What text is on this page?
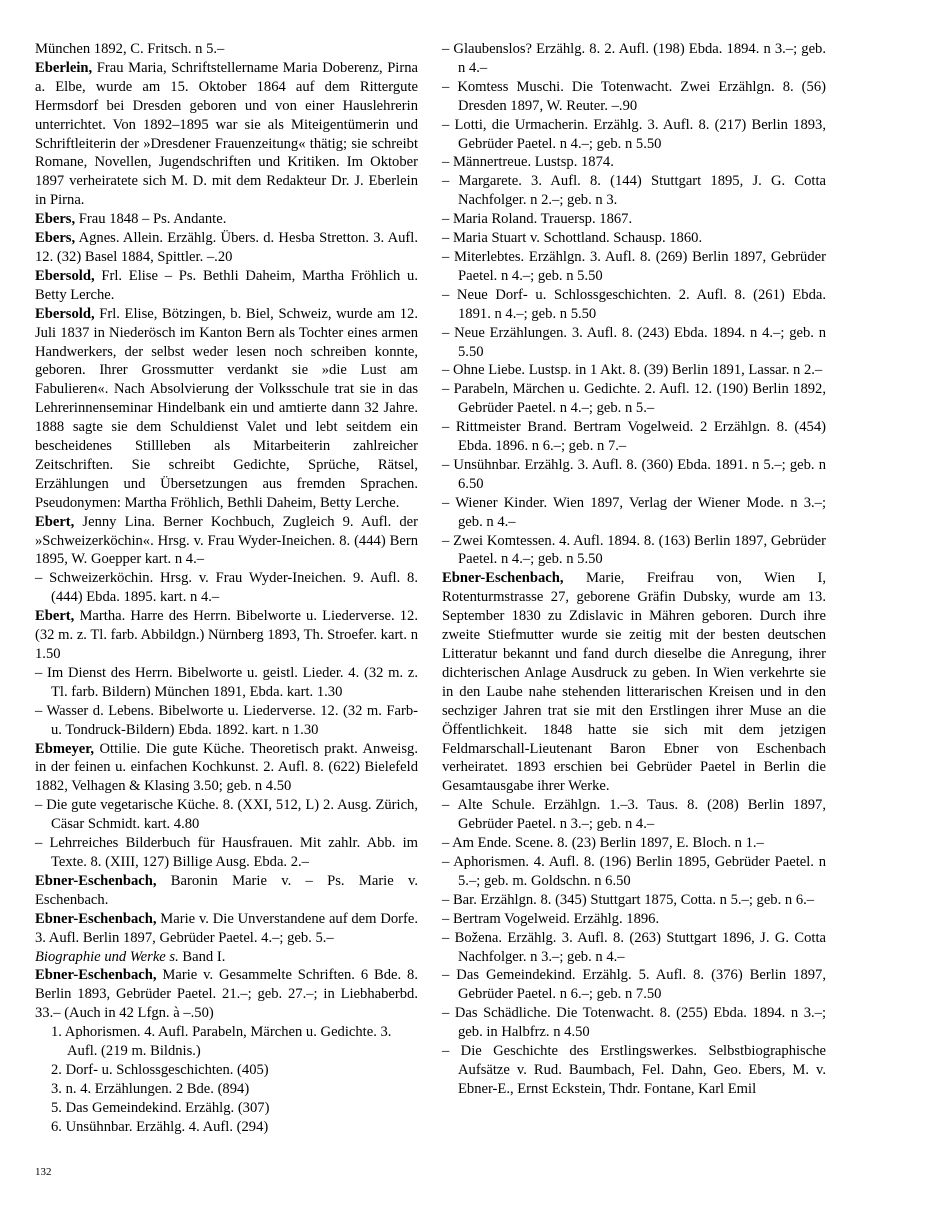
München 1892, C. Fritsch. n 5.–
Eberlein, Frau Maria, Schriftstellername Maria Doberenz, Pirna a. Elbe, wurde am 15. Oktober 1864 auf dem Rittergute Hermsdorf bei Dresden geboren und von einer Hauslehrerin unterrichtet. Von 1892–1895 war sie als Miteigentümerin und Schriftleiterin der »Dresdener Frauenzeitung« thätig; sie schreibt Romane, Novellen, Jugendschriften und Kritiken. Im Oktober 1897 verheiratete sich M. D. mit dem Redakteur Dr. J. Eberlein in Pirna.
Ebers, Frau 1848 – Ps. Andante.
Ebers, Agnes. Allein. Erzählg. Übers. d. Hesba Stretton. 3. Aufl. 12. (32) Basel 1884, Spittler. –.20
Ebersold, Frl. Elise – Ps. Bethli Daheim, Martha Fröhlich u. Betty Lerche.
Ebersold, Frl. Elise, Bötzingen, b. Biel, Schweiz, wurde am 12. Juli 1837 in Niederösch im Kanton Bern als Tochter eines armen Handwerkers, der selbst weder lesen noch schreiben konnte, geboren. Ihrer Grossmutter verdankt sie »die Lust am Fabulieren«. Nach Absolvierung der Volksschule trat sie in das Lehrerinnenseminar Hindelbank ein und amtierte dann 32 Jahre. 1888 sagte sie dem Schuldienst Valet und lebt seitdem ein bescheidenes Stillleben als Mitarbeiterin zahlreicher Zeitschriften. Sie schreibt Gedichte, Sprüche, Rätsel, Erzählungen und Übersetzungen aus fremden Sprachen. Pseudonymen: Martha Fröhlich, Bethli Daheim, Betty Lerche.
Ebert, Jenny Lina. Berner Kochbuch, Zugleich 9. Aufl. der »Schweizerköchin«. Hrsg. v. Frau Wyder-Ineichen. 8. (444) Bern 1895, W. Goepper kart. n 4.–
– Schweizerköchin. Hrsg. v. Frau Wyder-Ineichen. 9. Aufl. 8. (444) Ebda. 1895. kart. n 4.–
Ebert, Martha. Harre des Herrn. Bibelworte u. Liederverse. 12. (32 m. z. Tl. farb. Abbildgn.) Nürnberg 1893, Th. Stroefer. kart. n 1.50
– Im Dienst des Herrn. Bibelworte u. geistl. Lieder. 4. (32 m. z. Tl. farb. Bildern) München 1891, Ebda. kart. 1.30
– Wasser d. Lebens. Bibelworte u. Liederverse. 12. (32 m. Farb- u. Tondruck-Bildern) Ebda. 1892. kart. n 1.30
Ebmeyer, Ottilie. Die gute Küche. Theoretisch prakt. Anweisg. in der feinen u. einfachen Kochkunst. 2. Aufl. 8. (622) Bielefeld 1882, Velhagen & Klasing 3.50; geb. n 4.50
– Die gute vegetarische Küche. 8. (XXI, 512, L) 2. Ausg. Zürich, Cäsar Schmidt. kart. 4.80
– Lehrreiches Bilderbuch für Hausfrauen. Mit zahlr. Abb. im Texte. 8. (XIII, 127) Billige Ausg. Ebda. 2.–
Ebner-Eschenbach, Baronin Marie v. – Ps. Marie v. Eschenbach.
Ebner-Eschenbach, Marie v. Die Unverstandene auf dem Dorfe. 3. Aufl. Berlin 1897, Gebrüder Paetel. 4.–; geb. 5.–
Biographie und Werke s. Band I.
Ebner-Eschenbach, Marie v. Gesammelte Schriften. 6 Bde. 8. Berlin 1893, Gebrüder Paetel. 21.–; geb. 27.–; in Liebhaberbd. 33.– (Auch in 42 Lfgn. à –.50)
1. Aphorismen. 4. Aufl. Parabeln, Märchen u. Gedichte. 3. Aufl. (219 m. Bildnis.)
2. Dorf- u. Schlossgeschichten. (405)
3. n. 4. Erzählungen. 2 Bde. (894)
5. Das Gemeindekind. Erzählg. (307)
6. Unsühnbar. Erzählg. 4. Aufl. (294)
– Glaubenslos? Erzählg. 8. 2. Aufl. (198) Ebda. 1894. n 3.–; geb. n 4.–
– Komtess Muschi. Die Totenwacht. Zwei Erzählgn. 8. (56) Dresden 1897, W. Reuter. –.90
– Lotti, die Urmacherin. Erzählg. 3. Aufl. 8. (217) Berlin 1893, Gebrüder Paetel. n 4.–; geb. n 5.50
– Männertreue. Lustsp. 1874.
– Margarete. 3. Aufl. 8. (144) Stuttgart 1895, J. G. Cotta Nachfolger. n 2.–; geb. n 3.
– Maria Roland. Trauersp. 1867.
– Maria Stuart v. Schottland. Schausp. 1860.
– Miterlebtes. Erzählgn. 3. Aufl. 8. (269) Berlin 1897, Gebrüder Paetel. n 4.–; geb. n 5.50
– Neue Dorf- u. Schlossgeschichten. 2. Aufl. 8. (261) Ebda. 1891. n 4.–; geb. n 5.50
– Neue Erzählungen. 3. Aufl. 8. (243) Ebda. 1894. n 4.–; geb. n 5.50
– Ohne Liebe. Lustsp. in 1 Akt. 8. (39) Berlin 1891, Lassar. n 2.–
– Parabeln, Märchen u. Gedichte. 2. Aufl. 12. (190) Berlin 1892, Gebrüder Paetel. n 4.–; geb. n 5.–
– Rittmeister Brand. Bertram Vogelweid. 2 Erzählgn. 8. (454) Ebda. 1896. n 6.–; geb. n 7.–
– Unsühnbar. Erzählg. 3. Aufl. 8. (360) Ebda. 1891. n 5.–; geb. n 6.50
– Wiener Kinder. Wien 1897, Verlag der Wiener Mode. n 3.–; geb. n 4.–
– Zwei Komtessen. 4. Aufl. 1894. 8. (163) Berlin 1897, Gebrüder Paetel. n 4.–; geb. n 5.50
Ebner-Eschenbach, Marie, Freifrau von, Wien I, Rotenturmstrasse 27, geborene Gräfin Dubsky, wurde am 13. September 1830 zu Zdislavic in Mähren geboren. Durch ihre zweite Stiefmutter wurde sie zeitig mit der besten deutschen Litteratur bekannt und fand durch dieselbe die Anregung, ihrer dichterischen Anlage Ausdruck zu geben. In Wien verkehrte sie in den Laube nahe stehenden litterarischen Kreisen und in den sechziger Jahren trat sie mit den Erstlingen ihrer Muse an die Öffentlichkeit. 1848 hatte sie sich mit dem jetzigen Feldmarschall-Lieutenant Baron Ebner von Eschenbach verheiratet. 1893 erschien bei Gebrüder Paetel in Berlin die Gesamtausgabe ihrer Werke.
– Alte Schule. Erzählgn. 1.–3. Taus. 8. (208) Berlin 1897, Gebrüder Paetel. n 3.–; geb. n 4.–
– Am Ende. Scene. 8. (23) Berlin 1897, E. Bloch. n 1.–
– Aphorismen. 4. Aufl. 8. (196) Berlin 1895, Gebrüder Paetel. n 5.–; geb. m. Goldschn. n 6.50
– Bar. Erzählgn. 8. (345) Stuttgart 1875, Cotta. n 5.–; geb. n 6.–
– Bertram Vogelweid. Erzählg. 1896.
– Božena. Erzählg. 3. Aufl. 8. (263) Stuttgart 1896, J. G. Cotta Nachfolger. n 3.–; geb. n 4.–
– Das Gemeindekind. Erzählg. 5. Aufl. 8. (376) Berlin 1897, Gebrüder Paetel. n 6.–; geb. n 7.50
– Das Schädliche. Die Totenwacht. 8. (255) Ebda. 1894. n 3.–; geb. in Halbfrz. n 4.50
– Die Geschichte des Erstlingswerkes. Selbstbiographische Aufsätze v. Rud. Baumbach, Fel. Dahn, Geo. Ebers, M. v. Ebner-E., Ernst Eckstein, Thdr. Fontane, Karl Emil
132
